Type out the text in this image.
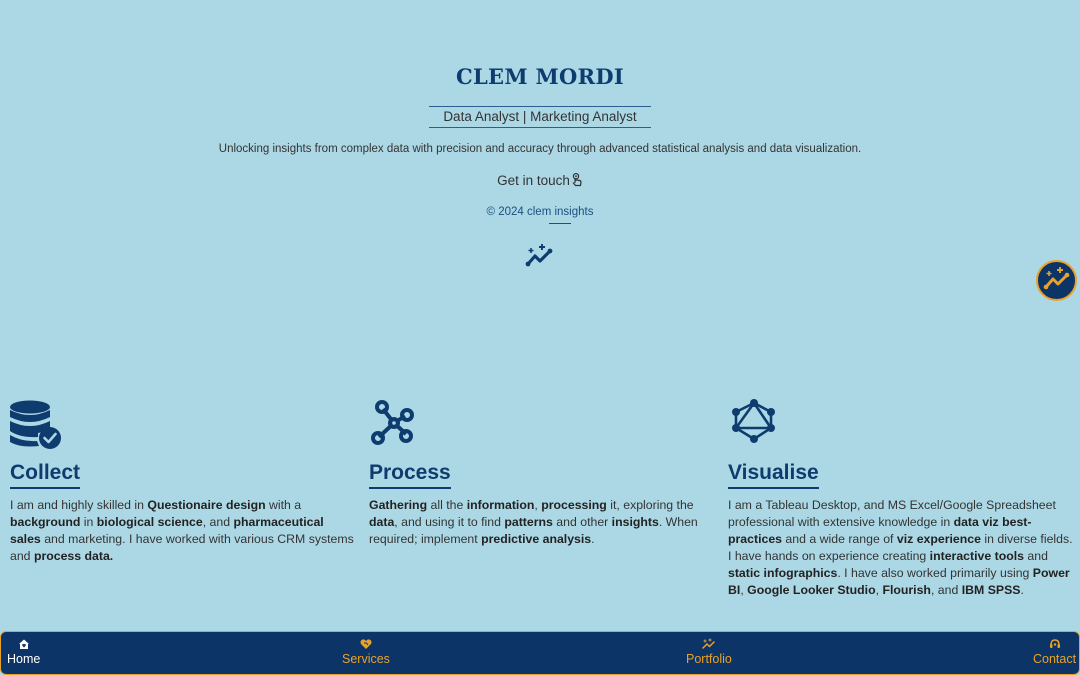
CLEM MORDI
Data Analyst | Marketing Analyst

Unlocking insights from complex data with precision and accuracy through advanced statistical analysis and data visualization.

Get in touch
© 2024 clem insights
Collect

I am and highly skilled in Questionaire design with a background in biological science, and pharmaceutical sales and marketing. I have worked with various CRM systems and process data.

Process

Gathering all the information, processing it, exploring the data, and using it to find patterns and other insights. When required; implement predictive analysis.

Visualise

I am a Tableau Desktop, and MS Excel/Google Spreadsheet professional with extensive knowledge in data viz best-practices and a wide range of viz experience in diverse fields. I have hands on experience creating interactive tools and static infographics. I have also worked primarily using Power BI, Google Looker Studio, Flourish, and IBM SPSS.

Home	Services	Portfolio	Contact
